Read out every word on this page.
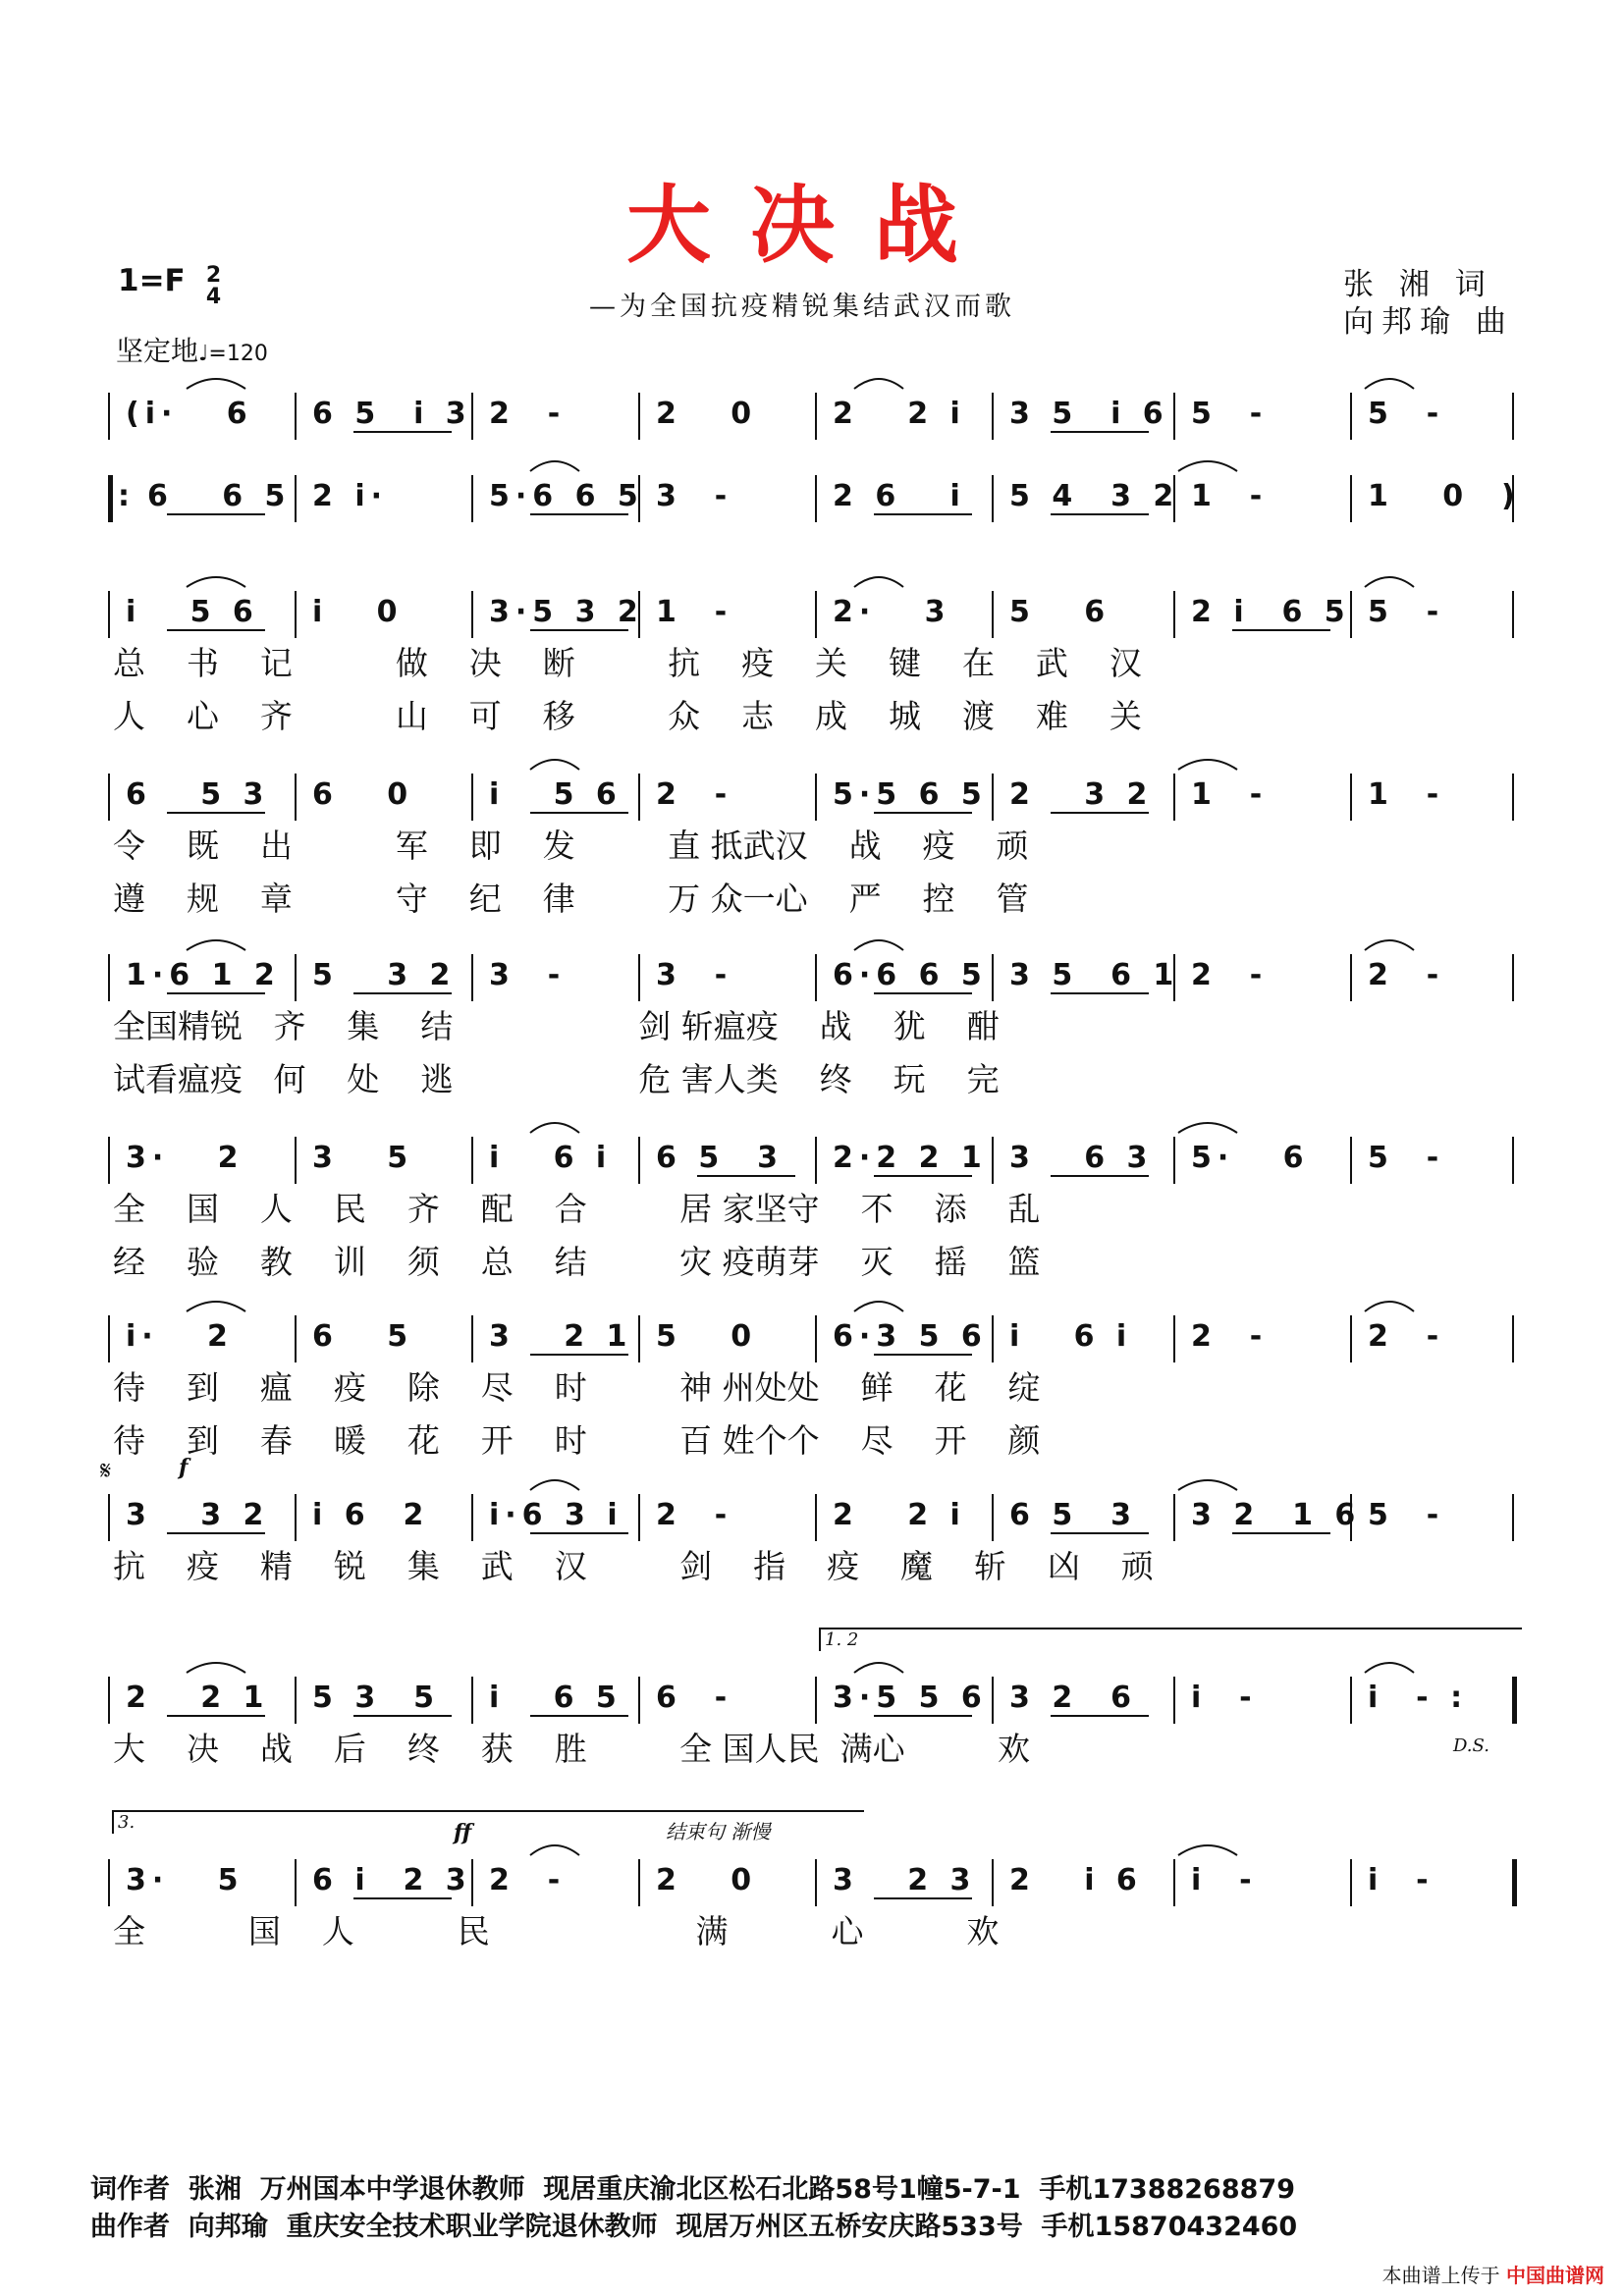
大决战
1=F 2
4
坚定地♩=120
—为全国抗疫精锐集结武汉而歌
张 湘 词
向邦瑜 曲
(i·   6 6 5  i 3 2  -	2   0	2   2 i 3 5  i 6 5  -	5  -
: 6   6 5 2 i·	5·6 6 5 3  -	2 6   i 5 4  3 2 1  -	1   0  )
i   5 6 i   0	3·5 3 2 1  -	2·   3 5   6	2 i  6 5 5  -
总    书    记          做    决    断         抗    疫    关    键    在    武    汉
人    心    齐          山    可    移         众    志    成    城    渡    难    关
6   5 3 6   0	i   5 6 2  -	5·5 6 5 2   3 2 1  -	1  -
令    既    出          军    即    发         直 抵武汉    战    疫    顽
遵    规    章          守    纪    律         万 众一心    严    控    管
1·6 1 2 5   3 2 3  -	3  -	6·6 6 5 3 5  6 1 2  -	2  -
全国精锐   齐    集    结                  剑 斩瘟疫    战    犹    酣
试看瘟疫   何    处    逃                  危 害人类    终    玩    完
3·   2 3   5	i   6 i 6 5  3 2·2 2 1 3   6 3 5·   6 5  -
全    国    人    民    齐    配    合         居 家坚守    不    添    乱
经    验    教    训    须    总    结         灾 疫萌芽    灭    摇    篮
i·   2	6   5	3   2 1 5   0	6·3 5 6 i   6 i 2  -	2  -
待    到    瘟    疫    除    尽    时         神 州处处    鲜    花    绽
待    到    春    暖    花    开    时         百 姓个个    尽    开    颜
3   3 2 i 6  2 i·6 3 i 2  -	2   2 i 6 5  3 3 2  1 6 5  -
抗    疫    精    锐    集    武    汉         剑    指    疫    魔    斩    凶    顽
𝄋	f
2   2 1 5 3  5 i   6 5 6  -	3·5 5 6 3 2  6 i  -	i  - :
大    决    战    后    终    获    胜         全 国人民  满心         欢
1. 2
D.S.
3·   5 6 i  2 3 2  -	2   0	3   2 3 2   i 6 i  -	i  -
全          国    人          民                    满          心          欢
ff
3.	结束句 渐慢
词作者  张湘  万州国本中学退休教师  现居重庆渝北区松石北路58号1幢5-7-1  手机17388268879
曲作者  向邦瑜  重庆安全技术职业学院退休教师  现居万州区五桥安庆路533号  手机15870432460
本曲谱上传于 中国曲谱网
